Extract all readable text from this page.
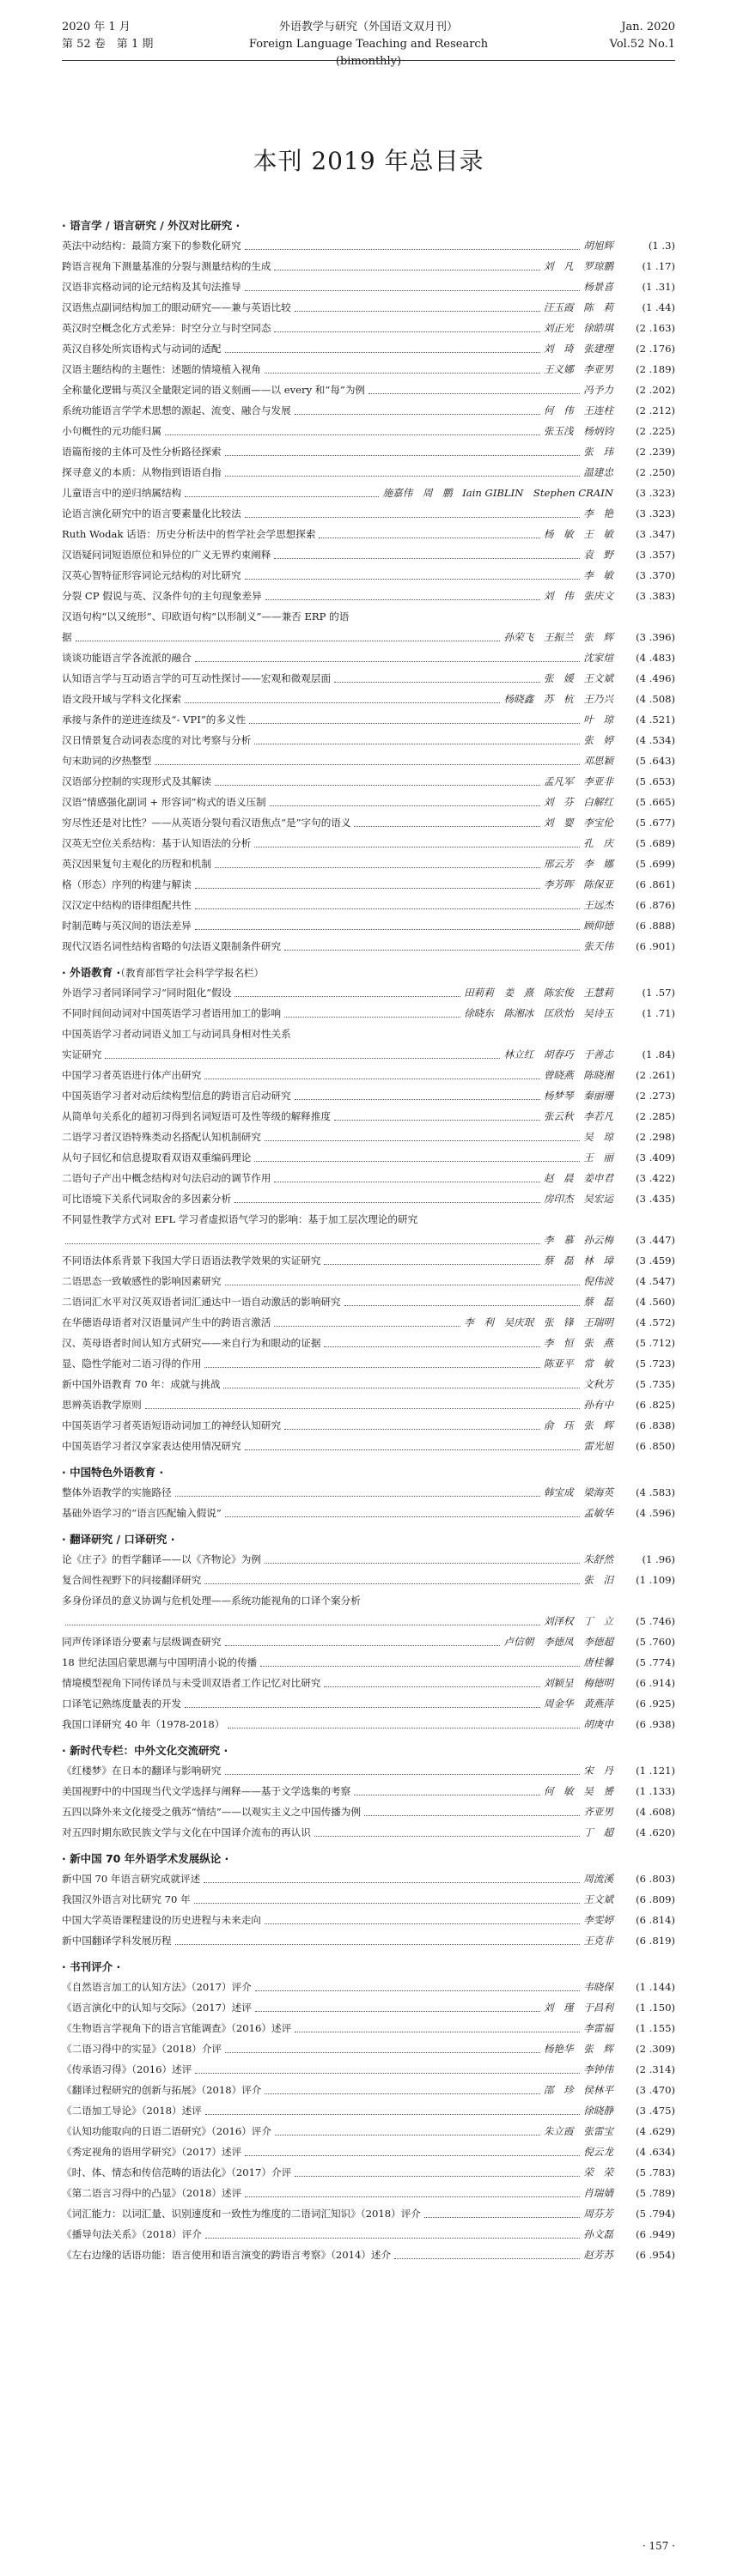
2020 年 1 月
第 52 卷　第 1 期
外语教学与研究（外国语文双月刊）
Foreign Language Teaching and Research (bimonthly)
Jan. 2020
Vol.52 No.1
本刊 2019 年总目录
· 语言学 / 语言研究 / 外汉对比研究 ·
英法中动结构：最简方案下的参数化研究	胡旭辉	(1 .3)
跨语言视角下测量基准的分裂与测量结构的生成	刘　凡　罗琼鹏	(1 .17)
汉语非宾格动词的论元结构及其句法推导	杨景喜	(1 .31)
汉语焦点副词结构加工的眼动研究——兼与英语比较	汪玉霞　陈　莉	(1 .44)
英汉时空概念化方式差异：时空分立与时空同态	刘正光　徐皓琪	(2 .163)
英汉自移处所宾语构式与动词的适配	刘　琦　张建理	(2 .176)
汉语主题结构的主题性：述题的情境植入视角	王义娜　李亚男	(2 .189)
全称量化逻辑与英汉全量限定词的语义刻画——以 every 和“每”为例	冯予力	(2 .202)
系统功能语言学学术思想的源起、流变、融合与发展	何　伟　王连柱	(2 .212)
小句概性的元功能归属	张玉浅　杨炳钧	(2 .225)
语篇衔接的主体可及性分析路径探索	张　玮	(2 .239)
探寻意义的本质：从物指到语语自指	温建忠	(2 .250)
儿童语言中的逆归纳属结构	施嘉伟　周　鹏　Iain GIBLIN　Stephen CRAIN	(3 .323)
论语言演化研究中的语言要素量化比较法	李　艳	(3 .323)
Ruth Wodak 话语：历史分析法中的哲学社会学思想探索	杨　敏　王　敏	(3 .347)
汉语疑问词短语原位和异位的广义无界约束阐释	袁　野	(3 .357)
汉英心智特征形容词论元结构的对比研究	李　敏	(3 .370)
分裂 CP 假说与英、汉条件句的主句现象差异	刘　伟　张庆文	(3 .383)
汉语句构“以又统形”、印欧语句构“以形制义”——兼否 ERP 的语
据	孙荣飞　王振兰　张　辉	(3 .396)
谈谈功能语言学各流派的融合	沈家煊	(4 .483)
认知语言学与互动语言学的可互动性探讨——宏观和微观层面	张　媛　王文斌	(4 .496)
语文段开域与学科文化探索	杨晓鑫　苏　杭　王乃兴	(4 .508)
承接与条件的逆进连续及“- VPI”的多义性	叶　琼	(4 .521)
汉日情景复合动词表态度的对比考察与分析	张　婷	(4 .534)
句末助词的汐热整型	邓思颖	(5 .643)
汉语部分控制的实现形式及其解读	孟凡军　李亚非	(5 .653)
汉语“情感强化副词 + 形容词”构式的语义压制	刘　芬　白解红	(5 .665)
穷尽性还是对比性？——从英语分裂句看汉语焦点“是”字句的语义	刘　婴　李宝伦	(5 .677)
汉英无空位关系结构：基于认知语法的分析	孔　庆	(5 .689)
英汉因果复句主观化的历程和机制	邢云芳　李　娜	(5 .699)
格（形态）序列的构建与解读	李芳晖　陈保亚	(6 .861)
汉汉定中结构的语律组配共性	王远杰	(6 .876)
时制范畴与英汉间的语法差异	顾仰德	(6 .888)
现代汉语名词性结构省略的句法语义限制条件研究	张天伟	(6 .901)
· 外语教育 ·（教育部哲学社会科学学报名栏）
外语学习者同译同学习“同时阻化”假设	田莉莉　姜　熹　陈宏俊　王慧莉	(1 .57)
不同时间间动词对中国英语学习者语用加工的影响	徐晓东　陈湘冰　匡欣怡　吴诗玉	(1 .71)
中国英语学习者动词语义加工与动词具身相对性关系
实证研究	林立红　胡春巧　于善志	(1 .84)
中国学习者英语进行体产出研究	曾晓燕　陈晓湘	(2 .261)
中国英语学习者对动后续构型信息的跨语言启动研究	杨梦琴　秦丽珊	(2 .273)
从简单句关系化的超初习得到名词短语可及性等级的解释推度	张云秋　李若凡	(2 .285)
二语学习者汉语特殊类动名搭配认知机制研究	吴　琼	(2 .298)
从句子回忆和信息提取看双语双重编码理论	王　丽	(3 .409)
二语句子产出中概念结构对句法启动的调节作用	赵　晨　姜申君	(3 .422)
可比语境下关系代词取舍的多因素分析	房印杰　吴宏运	(3 .435)
不同显性教学方式对 EFL 学习者虚拟语气学习的影响：基于加工层次理论的研究
李　慕　孙云梅	(3 .447)
不同语法体系背景下我国大学日语语法教学效果的实证研究	蔡　磊　林　璋	(3 .459)
二语思态一致敏感性的影响因素研究	倪伟波	(4 .547)
二语词汇水平对汉英双语者词汇通达中一语自动激活的影响研究	蔡　磊	(4 .560)
在华德语母语者对汉语量词产生中的跨语言激活	李　利　吴庆珉　张　锋　王瑞明	(4 .572)
汉、英母语者时间认知方式研究——来自行为和眼动的证据	李　恒　张　燕	(5 .712)
显、隐性学能对二语习得的作用	陈亚平　常　敏	(5 .723)
新中国外语教育 70 年：成就与挑战	文秋芳	(5 .735)
思辨英语教学原则	孙有中	(6 .825)
中国英语学习者英语短语动词加工的神经认知研究	俞　珏　张　辉	(6 .838)
中国英语学习者汉享家表达使用情况研究	雷光旭	(6 .850)
· 中国特色外语教育 ·
整体外语教学的实施路径	韩宝成　梁海英	(4 .583)
基础外语学习的“语言匹配输入假说”	孟敏华	(4 .596)
· 翻译研究 / 口译研究 ·
论《庄子》的哲学翻译——以《齐物论》为例	朱舒然	(1 .96)
复合间性视野下的问接翻译研究	张　汨	(1 .109)
多身份译员的意义协调与危机处理——系统功能视角的口译个案分析
刘泽权　丁　立	(5 .746)
同声传译译语分要素与层级调查研究	卢信朝　李德凤　李德超	(5 .760)
18 世纪法国启蒙思潮与中国明清小说的传播	唐桂馨	(5 .774)
情境模型视角下同传译员与未受训双语者工作记忆对比研究	刘颖呈　梅德明	(6 .914)
口译笔记熟练度量表的开发	周金华　黄燕萍	(6 .925)
我国口译研究 40 年（1978-2018）	胡庚申	(6 .938)
· 新时代专栏：中外文化交流研究 ·
《红楼梦》在日本的翻译与影响研究	宋　丹	(1 .121)
美国视野中的中国现当代文学选择与阐释——基于文学选集的考察	何　敏　吴　赟	(1 .133)
五四以降外来文化接受之俄苏“情结”——以观实主义之中国传播为例	齐亚男	(4 .608)
对五四时期东欧民族文学与文化在中国译介流布的再认识	丁　超	(4 .620)
· 新中国 70 年外语学术发展纵论 ·
新中国 70 年语言研究成就评述	周流溪	(6 .803)
我国汉外语言对比研究 70 年	王文斌	(6 .809)
中国大学英语课程建设的历史进程与未来走向	李雯婷	(6 .814)
新中国翻译学科发展历程	王克非	(6 .819)
· 书刊评介 ·
《自然语言加工的认知方法》（2017）评介	韦晓保	(1 .144)
《语言演化中的认知与交际》（2017）述评	刘　瑾　于昌利	(1 .150)
《生物语言学视角下的语言官能调查》（2016）述评	李雷福	(1 .155)
《二语习得中的实显》（2018）介评	杨艳华　张　辉	(2 .309)
《传承语习得》（2016）述评	李钟伟	(2 .314)
《翻译过程研究的创新与拓展》（2018）评介	邵　珍　侯林平	(3 .470)
《二语加工导论》（2018）述评	徐晓静	(3 .475)
《认知功能取向的日语二语研究》（2016）评介	朱立霞　张雷宝	(4 .629)
《秀定视角的语用学研究》（2017）述评	倪云龙	(4 .634)
《时、体、情态和传信范畴的语法化》（2017）介评	荣　荣	(5 .783)
《第二语言习得中的凸显》（2018）述评	肖瑞婧	(5 .789)
《词汇能力：以词汇量、识别速度和一致性为维度的二语词汇知识》（2018）评介	周芬芳	(5 .794)
《播导句法关系》（2018）评介	孙文磊	(6 .949)
《左右边缘的话语功能：语言使用和语言演变的跨语言考察》（2014）述介	赵芳苏	(6 .954)
· 157 ·
